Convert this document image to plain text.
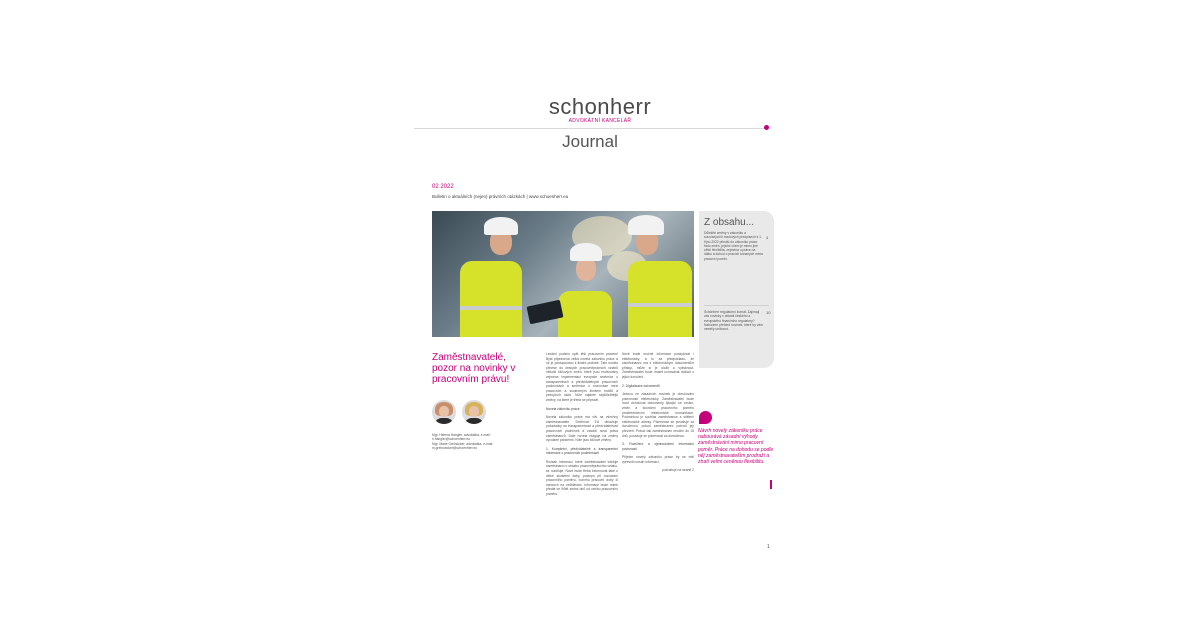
schonherr
ADVOKÁTNÍ KANCELÁŘ
Journal
02 2022
Bulletin o aktuálních (nejen) právních otázkách | www.schoenherr.eu
Z obsahu...
Důležité změny v zákoníku a souvisejících mzdových předpisech k 1. říjnu 2022 přináší do zákoníku práce řadu změn, jejichž cílem je mimo jiné větší flexibilita, zejména u práce na dálku a dohod o pracích konaných mimo pracovní poměr.
4
Schönherr regulatorní žurnál: Zajímají vás novinky v oblasti českého a evropského finančního regulatory? Nabízíme přehled novinek, které by vám neměly uniknout.
10
Zaměstnavatelé, pozor na novinky v pracovním právu!
Mgr. Helena Hangler, advokátka, e-mail: h.hangler@schoenherr.eu
Mgr. Marie Greinöcker, advokátka, e-mail: m.greinoecker@schoenherr.eu

Letošní podzim opět těší pracovním právem! Byla připravena velká novela zákoníku práce a už je postupováno k finální podobě. Tato novela přinese do českých pracovněprávních vztahů několik klíčových změn, které jsou motivovány zejména implementací evropské směrnice o transparentních a předvídatelných pracovních podmínkách a směrnice o rovnováze mezi pracovním a soukromým životem rodičů a pečujících osob. Níže najdete nejdůležitější změny, na které je třeba se připravit.

Novela zákoníku práce

Novela zákoníku práce má vliv na všechny zaměstnavatele. Směrnice EU obsahuje požadavky na transparentnost a předvídatelnost pracovních podmínek a zavádí nová práva zaměstnanců. Dále novela reaguje na změny vyvolané pandemií. Níže jsou klíčové změny:

1. Kompletní, předvídatelné a transparentní informace o pracovních podmínkách

Rozsah informací, které zaměstnavatel sděluje zaměstnanci o obsahu pracovněprávního vztahu, se rozšiřuje. Nově bude třeba informovat také o délce zkušební doby, postupu při rozvázání pracovního poměru, rozvrhu pracovní doby či nárocích na vzdělávání. Informace bude nutné předat ve lhůtě sedmi dnů od vzniku pracovního poměru.

Nově bude možné informace poskytovat i elektronicky, a to za předpokladu, že zaměstnanec má k elektronickým dokumentům přístup, může si je uložit a vytisknout. Zaměstnavatel bude muset uchovávat doklad o jejich doručení.

2. Digitalizace dokumentů

Jednou ze zásadních novinek je doručování písemností elektronicky. Zaměstnavatel bude moci doručovat dokumenty týkající se vzniku, změn a skončení pracovního poměru prostřednictvím elektronické komunikace. Podmínkou je souhlas zaměstnance a sdělení elektronické adresy. Písemnost se považuje za doručenou, pokud zaměstnanec potvrdí její převzetí. Pokud tak zaměstnanec neučiní do 15 dnů, považuje se písemnost za doručenou.

3. Rozšíření a zjednodušení informační povinnosti

Přijetím novely zákoníku práce by se měl zpřesnit rozsah informací,

pokračuje na straně 2

Návrh novely zákoníku práce nabourává zásadní výhody zaměstnávání mimo pracovní poměr. Práce na dohodu se podle něj zaměstnavatelům prodraží a ztratí velmi ceněnou flexibilitu.
1
